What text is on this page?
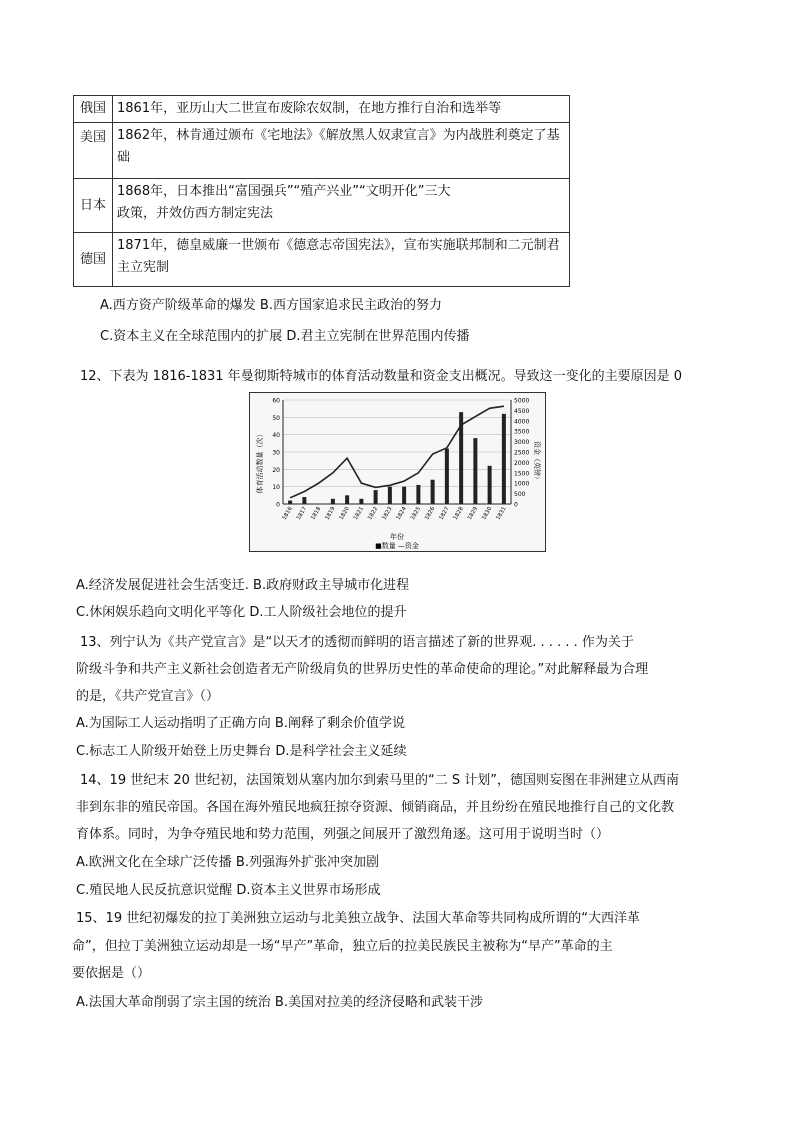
俄国	1861年，亚历山大二世宣布废除农奴制，在地方推行自治和选举等
美国	1862年，林肯通过颁布《宅地法》《解放黑人奴隶宣言》为内战胜利奠定了基础
日本	1868年，日本推出“富国强兵”“殖产兴业”“文明开化”三大政策，并效仿西方制定宪法
德国	1871年，德皇威廉一世颁布《德意志帝国宪法》，宣布实施联邦制和二元制君主立宪制
A.西方资产阶级革命的爆发 B.西方国家追求民主政治的努力
C.资本主义在全球范围内的扩展 D.君主立宪制在世界范围内传播
12、下表为 1816-1831 年曼彻斯特城市的体育活动数量和资金支出概况。导致这一变化的主要原因是 0
年份
■数量 —资金
体育活动数量（次）	资金（英镑）
60
50
40
30
20
10
0
5000
4500
4000
3500
3000
2500
2000
1500
1000
500
0
1816 1817 1818 1819 1820 1821 1822 1823 1824 1825 1826 1827 1828 1829 1830 1831
A.经济发展促进社会生活变迁. B.政府财政主导城市化进程
C.休闲娱乐趋向文明化平等化 D.工人阶级社会地位的提升
13、列宁认为《共产党宣言》是“以天才的透彻而鲜明的语言描述了新的世界观. . . . . . 作为关于
阶级斗争和共产主义新社会创造者无产阶级肩负的世界历史性的革命使命的理论。”对此解释最为合理
的是，《共产党宣言》（）
A.为国际工人运动指明了正确方向 B.阐释了剩余价值学说
C.标志工人阶级开始登上历史舞台 D.是科学社会主义延续
14、19 世纪末 20 世纪初，法国策划从塞内加尔到索马里的“二 S 计划”，德国则妄图在非洲建立从西南
非到东非的殖民帝国。各国在海外殖民地疯狂掠夺资源、倾销商品，并且纷纷在殖民地推行自己的文化教
育体系。同时，为争夺殖民地和势力范围，列强之间展开了激烈角逐。这可用于说明当时（）
A.欧洲文化在全球广泛传播 B.列强海外扩张冲突加剧
C.殖民地人民反抗意识觉醒 D.资本主义世界市场形成
15、19 世纪初爆发的拉丁美洲独立运动与北美独立战争、法国大革命等共同构成所谓的“大西洋革
命”，但拉丁美洲独立运动却是一场“早产”革命，独立后的拉美民族民主被称为“早产”革命的主
要依据是（）
A.法国大革命削弱了宗主国的统治 B.美国对拉美的经济侵略和武装干涉
